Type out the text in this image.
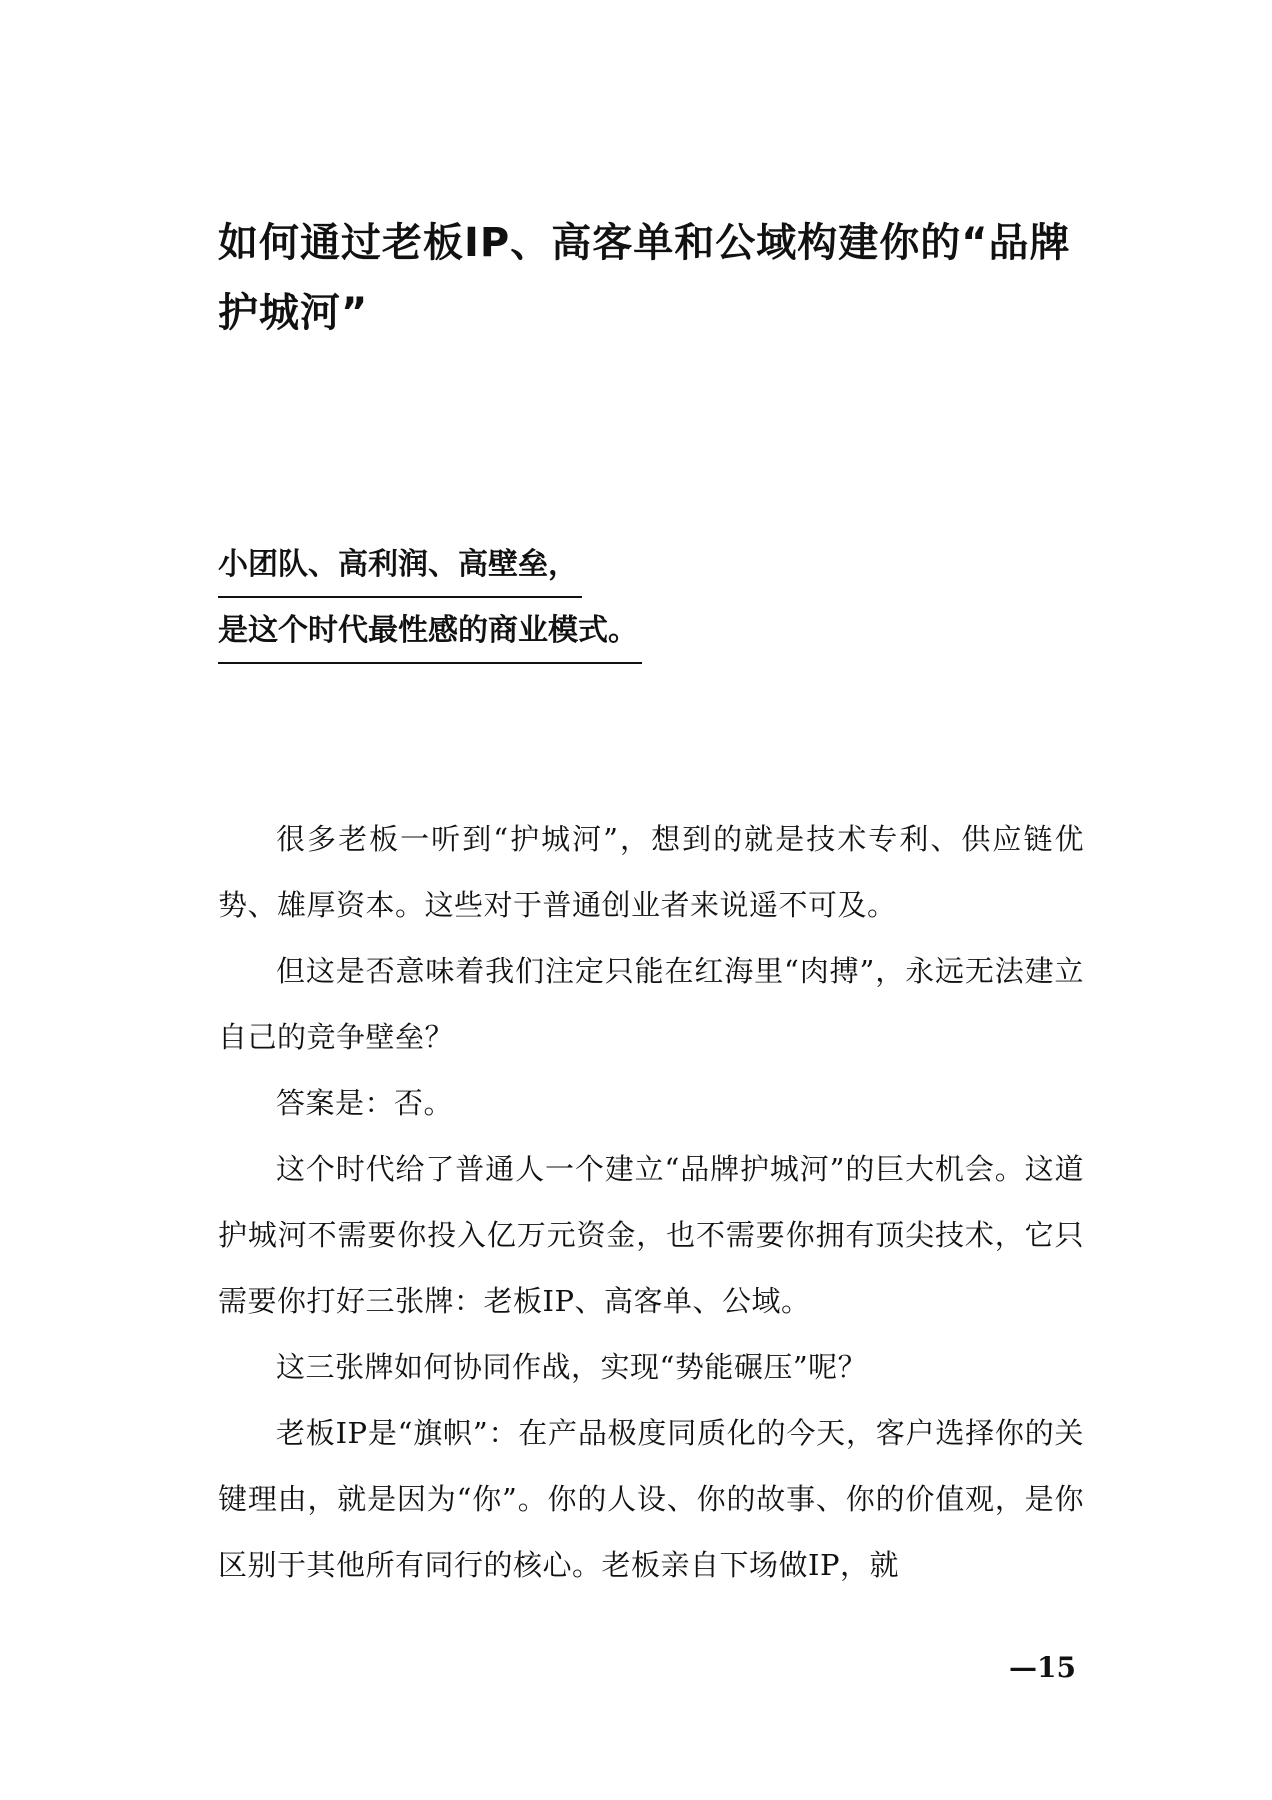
如何通过老板IP、高客单和公域构建你的“品牌护城河”
小团队、高利润、高壁垒，
是这个时代最性感的商业模式。

很多老板一听到“护城河”，想到的就是技术专利、供应链优势、雄厚资本。这些对于普通创业者来说遥不可及。

但这是否意味着我们注定只能在红海里“肉搏”，永远无法建立自己的竞争壁垒？

答案是：否。

这个时代给了普通人一个建立“品牌护城河”的巨大机会。这道护城河不需要你投入亿万元资金，也不需要你拥有顶尖技术，它只需要你打好三张牌：老板IP、高客单、公域。

这三张牌如何协同作战，实现“势能碾压”呢？

老板IP是“旗帜”：在产品极度同质化的今天，客户选择你的关键理由，就是因为“你”。你的人设、你的故事、你的价值观，是你区别于其他所有同行的核心。老板亲自下场做IP，就

—15
